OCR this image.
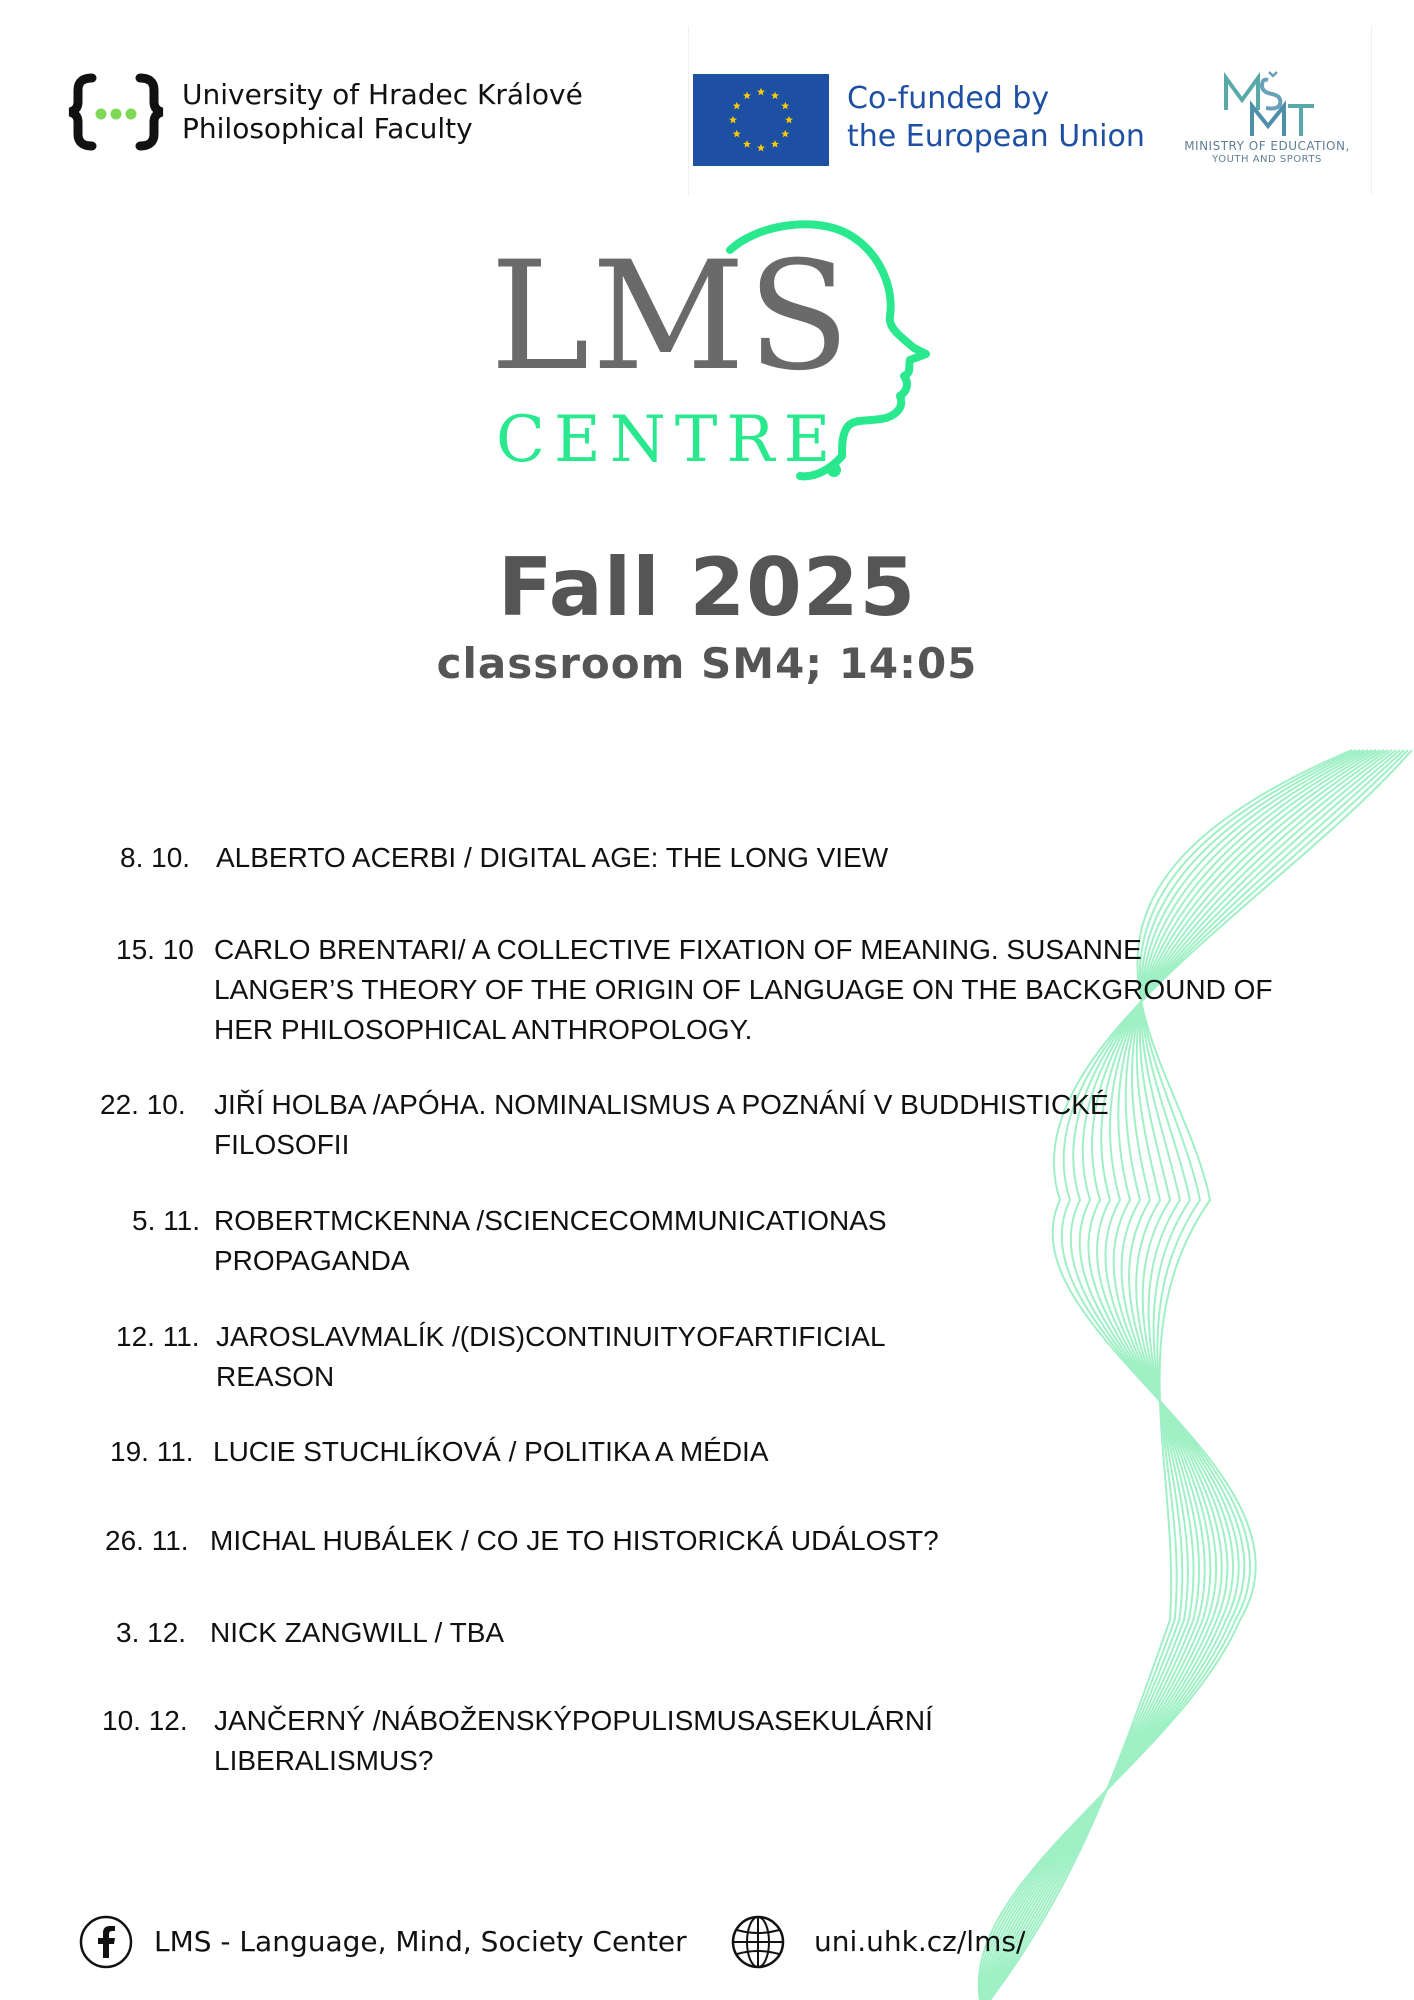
University of Hradec Králové
Philosophical Faculty
Co-funded by
the European Union	MINISTRY OF EDUCATION,
YOUTH AND SPORTS
LMS
CENTRE
Fall 2025
classroom SM4; 14:05
8. 10. ALBERTO ACERBI / DIGITAL AGE: THE LONG VIEW
15. 10 CARLO BRENTARI/ A COLLECTIVE FIXATION OF MEANING. SUSANNE
LANGER’S THEORY OF THE ORIGIN OF LANGUAGE ON THE BACKGROUND OF
HER PHILOSOPHICAL ANTHROPOLOGY.
22. 10. JIŘÍ HOLBA /APÓHA. NOMINALISMUS A POZNÁNÍ V BUDDHISTICKÉ
FILOSOFII
5. 11. ROBERT MCKENNA / SCIENCE COMMUNICATION AS
PROPAGANDA
12. 11. JAROSLAV MALÍK / (DIS)CONTINUITY OF ARTIFICIAL
REASON
19. 11. LUCIE STUCHLÍKOVÁ / POLITIKA A MÉDIA
26. 11. MICHAL HUBÁLEK / CO JE TO HISTORICKÁ UDÁLOST?
3. 12. NICK ZANGWILL / TBA
10. 12. JAN ČERNÝ / NÁBOŽENSKÝ POPULISMUS A SEKULÁRNÍ
LIBERALISMUS?
LMS - Language, Mind, Society Center	uni.uhk.cz/lms/
